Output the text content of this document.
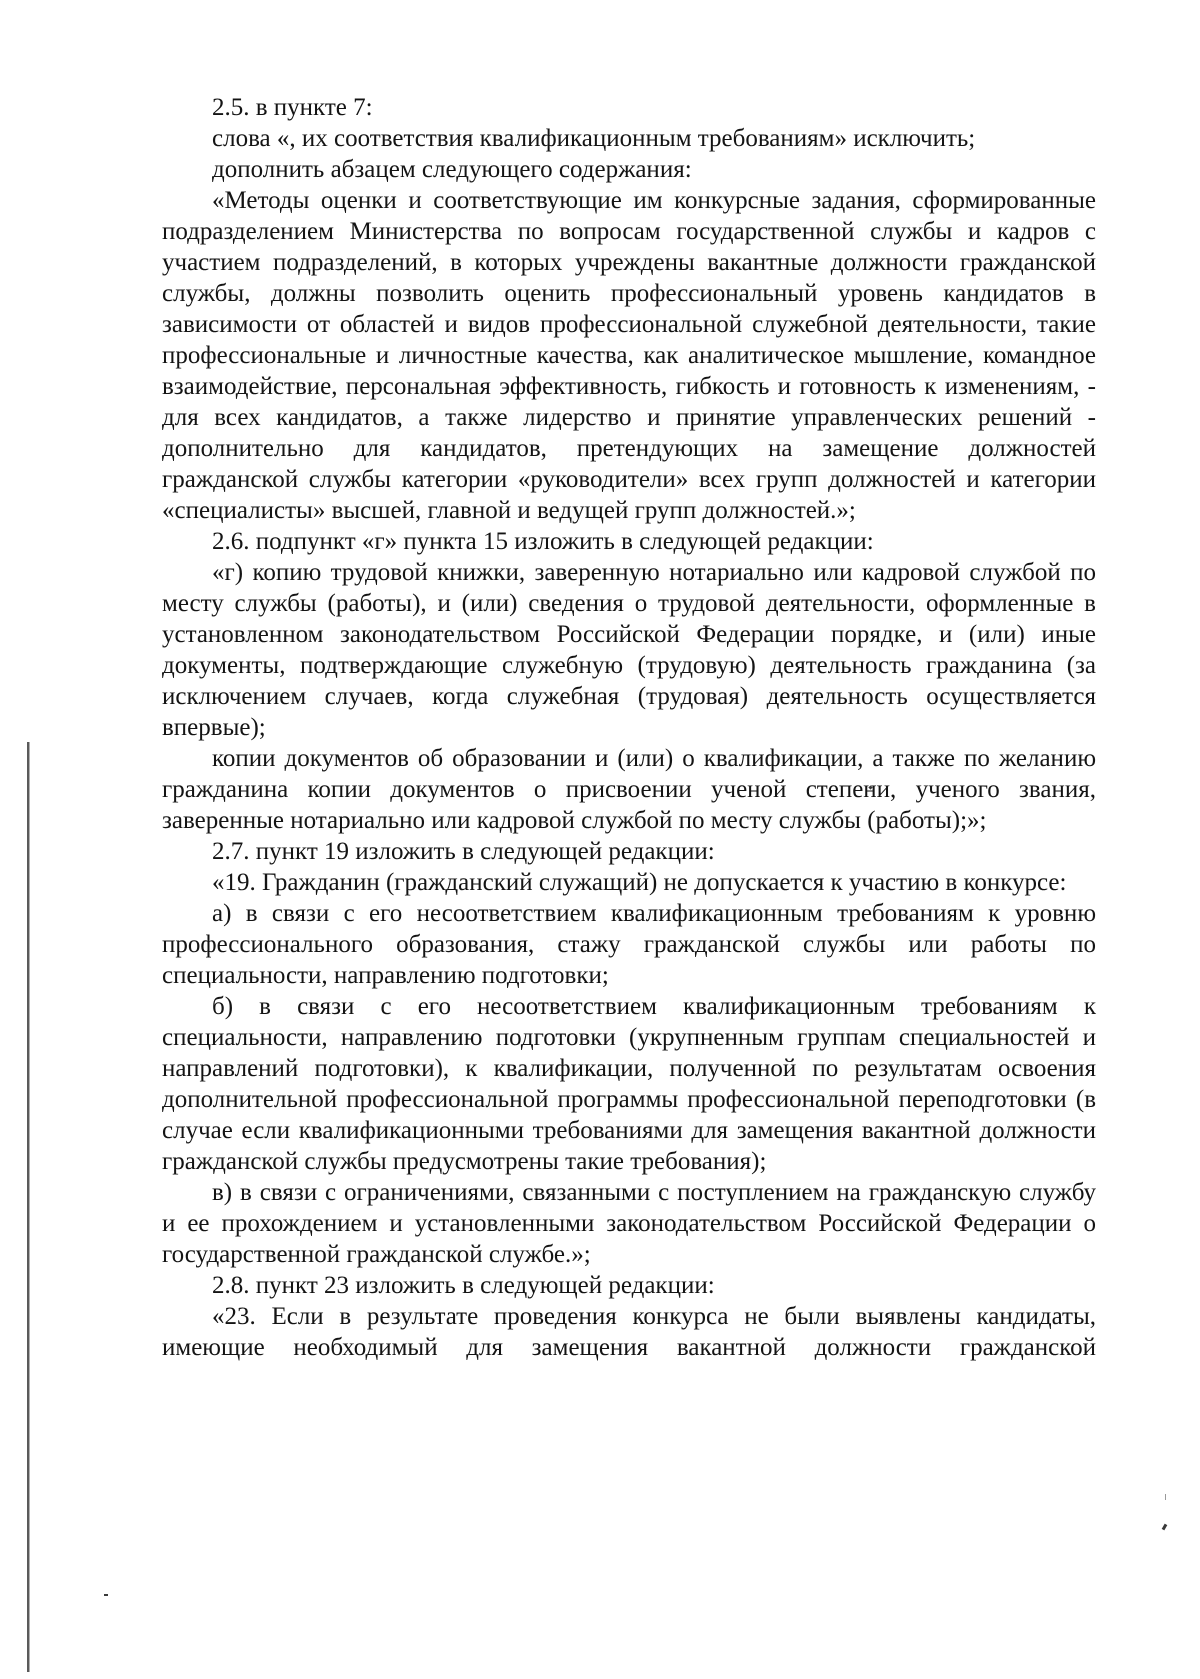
2.5. в пункте 7:

слова «, их соответствия квалификационным требованиям» исключить;

дополнить абзацем следующего содержания:

«Методы оценки и соответствующие им конкурсные задания, сформированные подразделением Министерства по вопросам государственной службы и кадров с участием подразделений, в которых учреждены вакантные должности гражданской службы, должны позволить оценить профессиональный уровень кандидатов в зависимости от областей и видов профессиональной служебной деятельности, такие профессиональные и личностные качества, как аналитическое мышление, командное взаимодействие, персональная эффективность, гибкость и готовность к изменениям, - для всех кандидатов, а также лидерство и принятие управленческих решений - дополнительно для кандидатов, претендующих на замещение должностей гражданской службы категории «руководители» всех групп должностей и категории «специалисты» высшей, главной и ведущей групп должностей.»;

2.6. подпункт «г» пункта 15 изложить в следующей редакции:

«г) копию трудовой книжки, заверенную нотариально или кадровой службой по месту службы (работы), и (или) сведения о трудовой деятельности, оформленные в установленном законодательством Российской Федерации порядке, и (или) иные документы, подтверждающие служебную (трудовую) деятельность гражданина (за исключением случаев, когда служебная (трудовая) деятельность осуществляется впервые);

копии документов об образовании и (или) о квалификации, а также по желанию гражданина копии документов о присвоении ученой степени, ученого звания, заверенные нотариально или кадровой службой по месту службы (работы);»;

2.7. пункт 19 изложить в следующей редакции:

«19. Гражданин (гражданский служащий) не допускается к участию в конкурсе:

а) в связи с его несоответствием квалификационным требованиям к уровню профессионального образования, стажу гражданской службы или работы по специальности, направлению подготовки;

б) в связи с его несоответствием квалификационным требованиям к специальности, направлению подготовки (укрупненным группам специальностей и направлений подготовки), к квалификации, полученной по результатам освоения дополнительной профессиональной программы профессиональной переподготовки (в случае если квалификационными требованиями для замещения вакантной должности гражданской службы предусмотрены такие требования);

в) в связи с ограничениями, связанными с поступлением на гражданскую службу и ее прохождением и установленными законодательством Российской Федерации о государственной гражданской службе.»;

2.8. пункт 23 изложить в следующей редакции:

«23. Если в результате проведения конкурса не были выявлены кандидаты, имеющие необходимый для замещения вакантной должности гражданской
